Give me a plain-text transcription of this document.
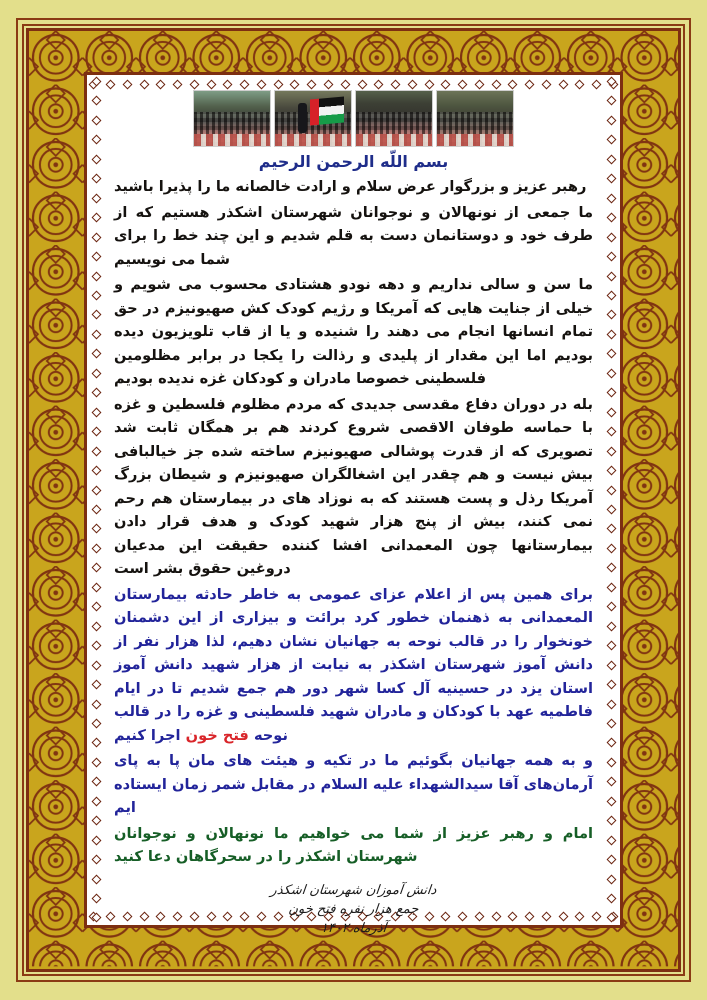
بسم اللّه الرحمن الرحیم

رهبر عزیز و بزرگوار عرض سلام و ارادت خالصانه ما را پذیرا باشید

ما جمعی از نونهالان و نوجوانان شهرستان اشکذر هستیم که از طرف خود و دوستانمان دست به قلم شدیم و این چند خط را برای شما می نویسیم

ما سن و سالی نداریم و دهه نودو هشتادی محسوب می شویم و خیلی از جنایت هایی که آمریکا و رژیم کودک کش صهیونیزم در حق تمام انسانها انجام می دهند را شنیده و یا از قاب تلویزیون دیده بودیم اما این مقدار از پلیدی و رذالت را یکجا در برابر مظلومین فلسطینی خصوصا مادران و کودکان غزه ندیده بودیم

بله در دوران دفاع مقدسی جدیدی که مردم مظلوم فلسطین و غزه با حماسه طوفان الاقصی شروع کردند هم بر همگان ثابت شد تصویری که از قدرت پوشالی صهیونیزم ساخته شده جز خیالبافی بیش نیست و هم چقدر این اشغالگران صهیونیزم و شیطان بزرگ آمریکا رذل و پست هستند که به نوزاد های در بیمارستان هم رحم نمی کنند، بیش از پنج هزار شهید کودک و هدف قرار دادن بیمارستانها چون المعمدانی افشا کننده حقیقت این مدعیان دروغین حقوق بشر است

برای همین پس از اعلام عزای عمومی به خاطر حادثه بیمارستان المعمدانی به ذهنمان خطور کرد برائت و بیزاری از این دشمنان خونخوار را در قالب نوحه به جهانیان نشان دهیم، لذا هزار نفر از دانش آموز شهرستان اشکذر به نیابت از هزار شهید دانش آموز استان یزد در حسینیه آل کسا شهر دور هم جمع شدیم تا در ایام فاطمیه عهد با کودکان و مادران شهید فلسطینی و غزه را در قالب نوحه فتح خون اجرا کنیم

و به همه جهانیان بگوئیم ما در تکیه و هیئت های مان پا به پای آرمان‌های آقا سیدالشهداء علیه السلام در مقابل شمر زمان ایستاده ایم

امام و رهبر عزیز از شما می خواهیم ما نونهالان و نوجوانان شهرستان اشکذر را در سحرگاهان دعا کنید

دانش آموزان شهرستان اشکذر
جمع هزار نفره فتح خون
آذرماه ۱۴۰۲
